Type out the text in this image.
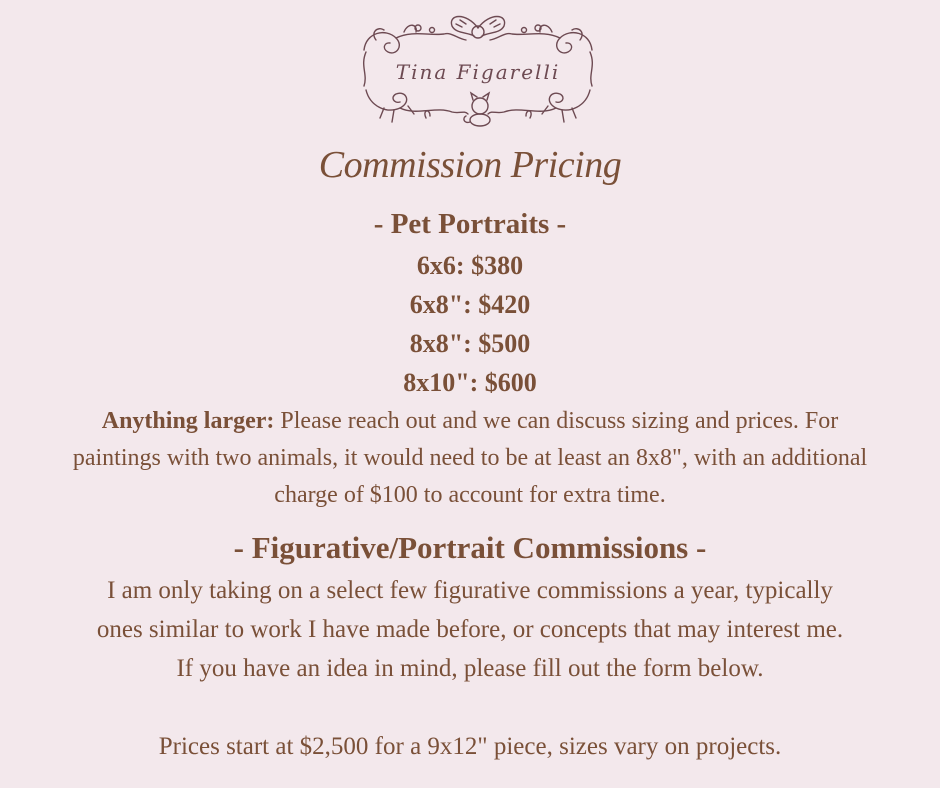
Tina Figarelli
Commission Pricing
- Pet Portraits -
6x6: $380
6x8": $420
8x8": $500
8x10": $600
Anything larger: Please reach out and we can discuss sizing and prices. For paintings with two animals, it would need to be at least an 8x8", with an additional charge of $100 to account for extra time.
- Figurative/Portrait Commissions -
I am only taking on a select few figurative commissions a year, typically ones similar to work I have made before, or concepts that may interest me. If you have an idea in mind, please fill out the form below.
Prices start at $2,500 for a 9x12" piece, sizes vary on projects.
